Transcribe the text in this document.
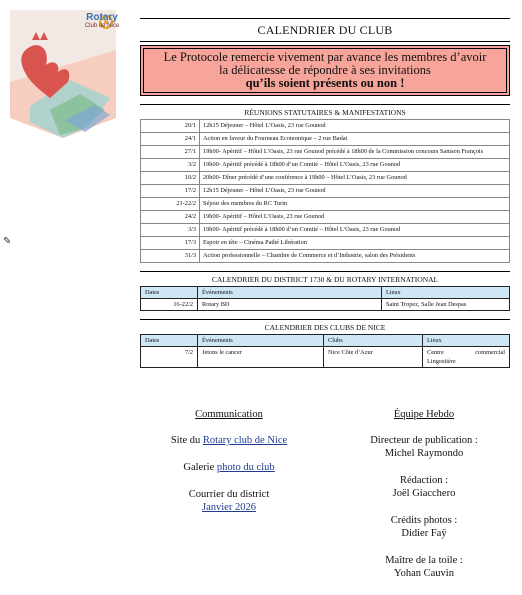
Rotary
Club de Nice
✎
CALENDRIER DU CLUB
Le Protocole remercie vivement par avance les membres d’avoir
la délicatesse de répondre à ses invitations
qu’ils soient présents ou non !
RÉUNIONS STATUTAIRES & MANIFESTATIONS
20/1	12h15 Déjeuner – Hôtel L’Oasis, 23 rue Gounod
24/1	Action en faveur du Fourneau Economique – 2 rue Badat
27/1	19h00- Apéritif – Hôtel L’Oasis, 23 rue Gounod précédé à 18h00 de la Commission concours Samson François
3/2	19h00- Apéritif précédé à 18h00 d’un Comité – Hôtel L’Oasis, 23 rue Gounod
10/2	20h00- Dîner précédé d’une conférence à 19h00 – Hôtel L’Oasis, 23 rue Gounod
17/2	12h15 Déjeuner – Hôtel L’Oasis, 23 rue Gounod
21-22/2	Séjour des membres du RC Turin
24/2	19h00- Apéritif – Hôtel L’Oasis, 23 rue Gounod
3/3	19h00- Apéritif précédé à 18h00 d’un Comité – Hôtel L’Oasis, 23 rue Gounod
17/3	Espoir en tête – Cinéma Pathé Libération
31/3	Action professionnelle – Chambre de Commerce et d’Industrie, salon des Présidents
CALENDRIER DU DISTRICT 1730 & DU ROTARY INTERNATIONAL
Dates	Évènements	Lieux
16-22/2	Rotary BD	Saint Tropez, Salle Jean Despas
CALENDRIER DES CLUBS DE NICE
Dates	Évènements	Clubs	Lieux
7/2	Jetons le cancer	Nice Côte d’Azur	Centre commercial
Lingostière

Communication

Site du Rotary club de Nice

Galerie photo du club

Courrier du district

Janvier 2026

Équipe Hebdo

Directeur de publication :

Michel Raymondo

Rédaction :

Joël Giacchero

Crédits photos :

Didier Faÿ

Maître de la toile :

Yohan Cauvin
